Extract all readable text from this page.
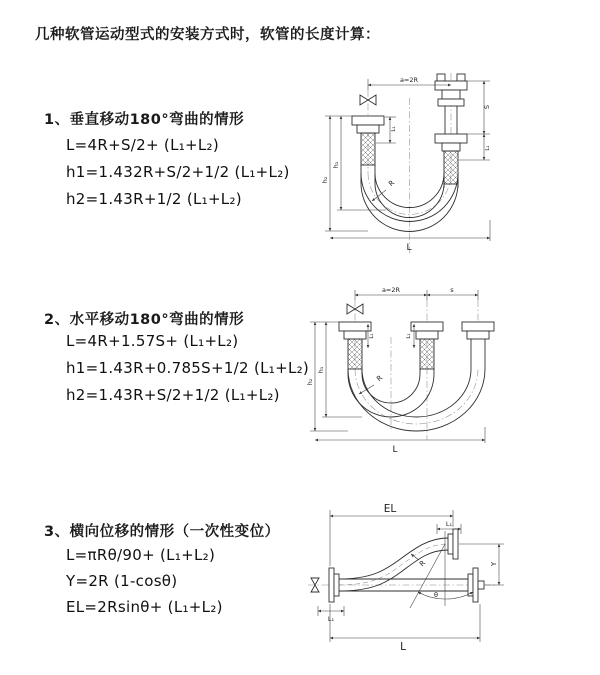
几种软管运动型式的安装方式时，软管的长度计算：
1、垂直移动180°弯曲的情形
L=4R+S/2+ (L₁+L₂)
h1=1.432R+S/2+1/2 (L₁+L₂)
h2=1.43R+1/2 (L₁+L₂)
a=2R
S
L₁
L₁
h₁
h₂	R
L
2、水平移动180°弯曲的情形
L=4R+1.57S+ (L₁+L₂)
h1=1.43R+0.785S+1/2 (L₁+L₂)
h2=1.43R+S/2+1/2 (L₁+L₂)
a=2R	s
L₁	L₁
h₁
h₂	R
L
3、横向位移的情形（一次性变位）
L=πRθ/90+ (L₁+L₂)
Y=2R (1-cosθ)
EL=2Rsinθ+ (L₁+L₂)
EL
L₁
Y
R
θ
L
L₁
